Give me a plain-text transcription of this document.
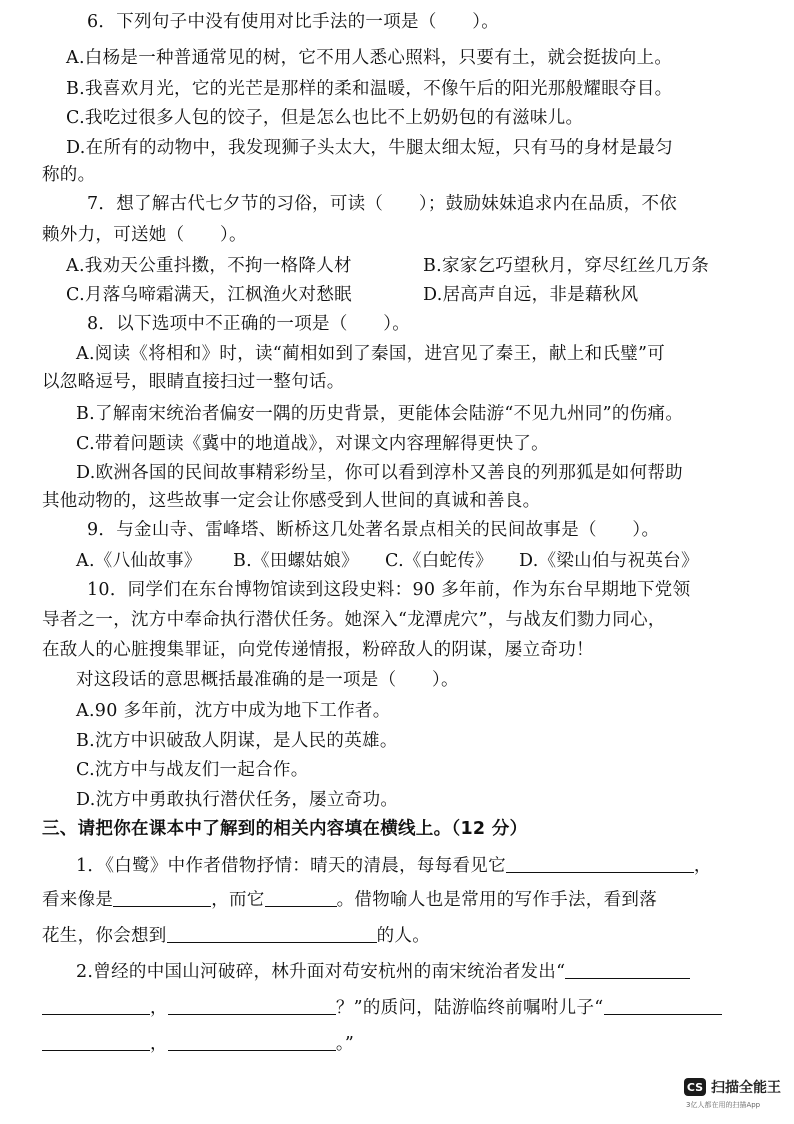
6．下列句子中没有使用对比手法的一项是（　　）。
A.白杨是一种普通常见的树，它不用人悉心照料，只要有土，就会挺拔向上。
B.我喜欢月光，它的光芒是那样的柔和温暖，不像午后的阳光那般耀眼夺目。
C.我吃过很多人包的饺子，但是怎么也比不上奶奶包的有滋味儿。
D.在所有的动物中，我发现狮子头太大，牛腿太细太短，只有马的身材是最匀
称的。
7．想了解古代七夕节的习俗，可读（　　）；鼓励妹妹追求内在品质，不依
赖外力，可送她（　　）。
A.我劝天公重抖擞，不拘一格降人材	B.家家乞巧望秋月，穿尽红丝几万条
C.月落乌啼霜满天，江枫渔火对愁眠	D.居高声自远，非是藉秋风
8．以下选项中不正确的一项是（　　）。
A.阅读《将相和》时，读“蔺相如到了秦国，进宫见了秦王，献上和氏璧”可
以忽略逗号，眼睛直接扫过一整句话。
B.了解南宋统治者偏安一隅的历史背景，更能体会陆游“不见九州同”的伤痛。
C.带着问题读《冀中的地道战》，对课文内容理解得更快了。
D.欧洲各国的民间故事精彩纷呈，你可以看到淳朴又善良的列那狐是如何帮助
其他动物的，这些故事一定会让你感受到人世间的真诚和善良。
9．与金山寺、雷峰塔、断桥这几处著名景点相关的民间故事是（　　）。
A.《八仙故事》 B.《田螺姑娘》 C.《白蛇传》 D.《梁山伯与祝英台》
10．同学们在东台博物馆读到这段史料：90 多年前，作为东台早期地下党领
导者之一，沈方中奉命执行潜伏任务。她深入“龙潭虎穴”，与战友们勠力同心，
在敌人的心脏搜集罪证，向党传递情报，粉碎敌人的阴谋，屡立奇功！
对这段话的意思概括最准确的是一项是（　　）。
A.90 多年前，沈方中成为地下工作者。
B.沈方中识破敌人阴谋，是人民的英雄。
C.沈方中与战友们一起合作。
D.沈方中勇敢执行潜伏任务，屡立奇功。
三、请把你在课本中了解到的相关内容填在横线上。（12 分）
1．《白鹭》中作者借物抒情：晴天的清晨，每每看见它	，
看来像是	，而它	。借物喻人也是常用的写作手法，看到落
花生，你会想到	的人。
2.曾经的中国山河破碎，林升面对苟安杭州的南宋统治者发出“
，	？”的质问，陆游临终前嘱咐儿子“
，	。”
CS 扫描全能王
3亿人都在用的扫描App
